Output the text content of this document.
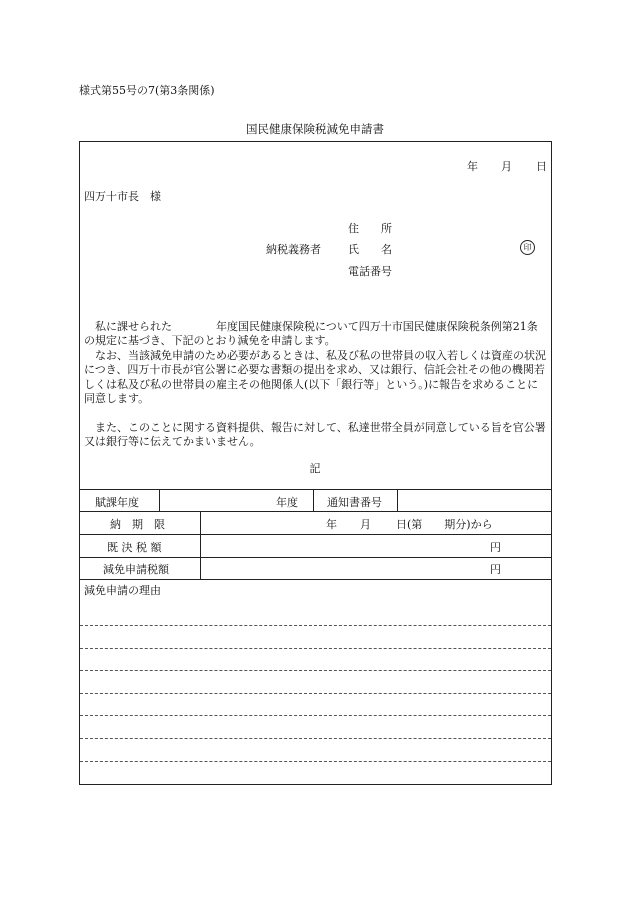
様式第55号の7(第3条関係)
国民健康保険税減免申請書
年 月 日
四万十市長　様
住　　所
納税義務者 氏　　名	印
電話番号
　私に課せられた　　　　年度国民健康保険税について四万十市国民健康保険税条例第21条の規定に基づき、下記のとおり減免を申請します。
　なお、当該減免申請のため必要があるときは、私及び私の世帯員の収入若しくは資産の状況につき、四万十市長が官公署に必要な書類の提出を求め、又は銀行、信託会社その他の機関若しくは私及び私の世帯員の雇主その他関係人(以下「銀行等」という。)に報告を求めることに同意します。
　また、このことに関する資料提供、報告に対して、私達世帯全員が同意している旨を官公署又は銀行等に伝えてかまいません。
記
賦課年度	年度	通知書番号
納　期　限	年 月 日(第　　期分)から
既 決 税 額	円
減免申請税額	円
減免申請の理由
